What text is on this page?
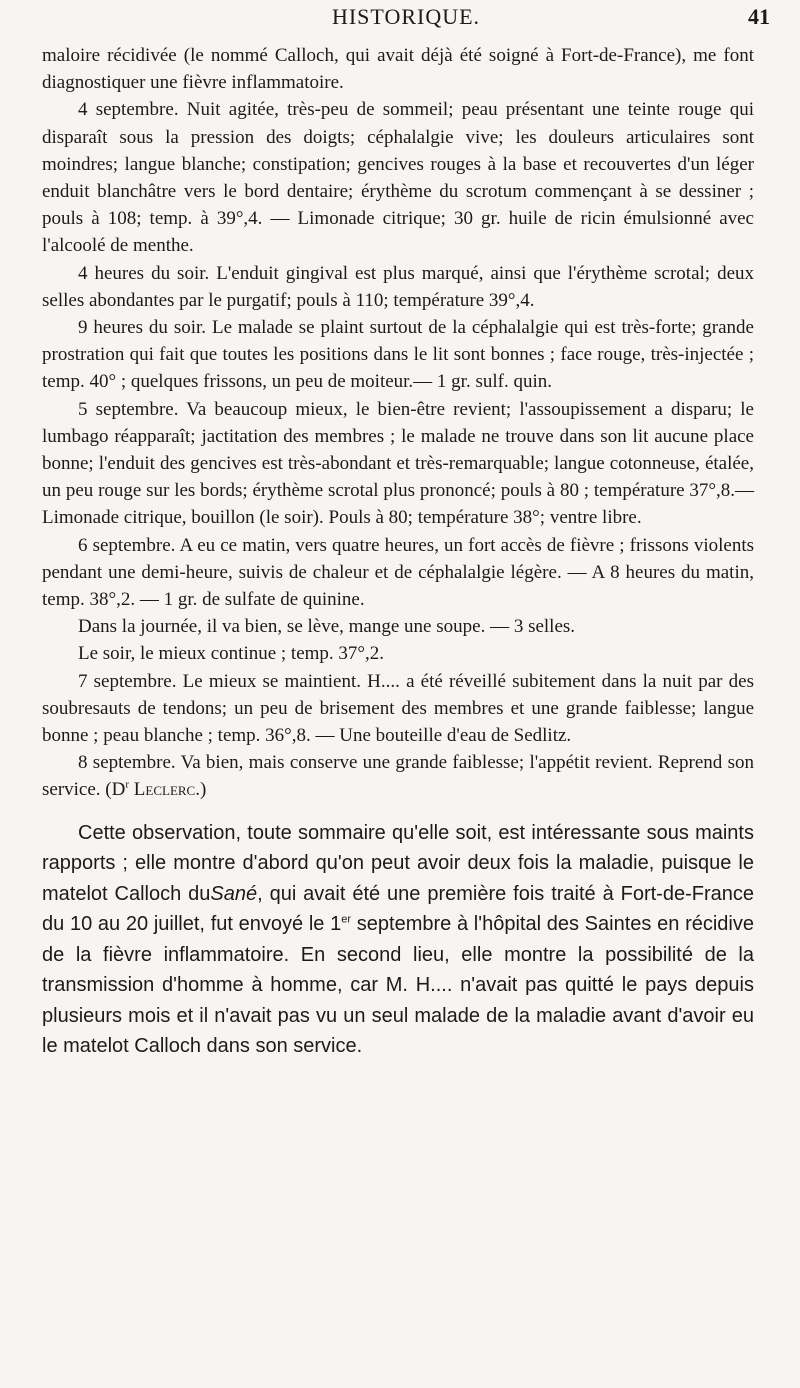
HISTORIQUE.	41

maloire récidivée (le nommé Calloch, qui avait déjà été soigné à Fort-de-France), me font diagnostiquer une fièvre inflammatoire.

4 septembre. Nuit agitée, très-peu de sommeil; peau présentant une teinte rouge qui disparaît sous la pression des doigts; céphalalgie vive; les douleurs articulaires sont moindres; langue blanche; constipation; gencives rouges à la base et recouvertes d'un léger enduit blanchâtre vers le bord dentaire; érythème du scrotum commençant à se dessiner ; pouls à 108; temp. à 39°,4. — Limonade citrique; 30 gr. huile de ricin émulsionné avec l'alcoolé de menthe.

4 heures du soir. L'enduit gingival est plus marqué, ainsi que l'érythème scrotal; deux selles abondantes par le purgatif; pouls à 110; température 39°,4.

9 heures du soir. Le malade se plaint surtout de la céphalalgie qui est très-forte; grande prostration qui fait que toutes les positions dans le lit sont bonnes ; face rouge, très-injectée ; temp. 40° ; quelques frissons, un peu de moiteur.— 1 gr. sulf. quin.

5 septembre. Va beaucoup mieux, le bien-être revient; l'assoupissement a disparu; le lumbago réapparaît; jactitation des membres ; le malade ne trouve dans son lit aucune place bonne; l'enduit des gencives est très-abondant et très-remarquable; langue cotonneuse, étalée, un peu rouge sur les bords; érythème scrotal plus prononcé; pouls à 80 ; température 37°,8.— Limonade citrique, bouillon (le soir). Pouls à 80; température 38°; ventre libre.

6 septembre. A eu ce matin, vers quatre heures, un fort accès de fièvre ; frissons violents pendant une demi-heure, suivis de chaleur et de céphalalgie légère. — A 8 heures du matin, temp. 38°,2. — 1 gr. de sulfate de quinine.

Dans la journée, il va bien, se lève, mange une soupe. — 3 selles.

Le soir, le mieux continue ; temp. 37°,2.

7 septembre. Le mieux se maintient. H.... a été réveillé subitement dans la nuit par des soubresauts de tendons; un peu de brisement des membres et une grande faiblesse; langue bonne ; peau blanche ; temp. 36°,8. — Une bouteille d'eau de Sedlitz.

8 septembre. Va bien, mais conserve une grande faiblesse; l'appétit revient. Reprend son service. ($D^r$ Leclerc.)

Cette observation, toute sommaire qu'elle soit, est intéressante sous maints rapports ; elle montre d'abord qu'on peut avoir deux fois la maladie, puisque le matelot Calloch duSané, qui avait été une première fois traité à Fort-de-France du 10 au 20 juillet, fut envoyé le 1er septembre à l'hôpital des Saintes en récidive de la fièvre inflammatoire. En second lieu, elle montre la possibilité de la transmission d'homme à homme, car M. H.... n'avait pas quitté le pays depuis plusieurs mois et il n'avait pas vu un seul malade de la maladie avant d'avoir eu le matelot Calloch dans son service.
